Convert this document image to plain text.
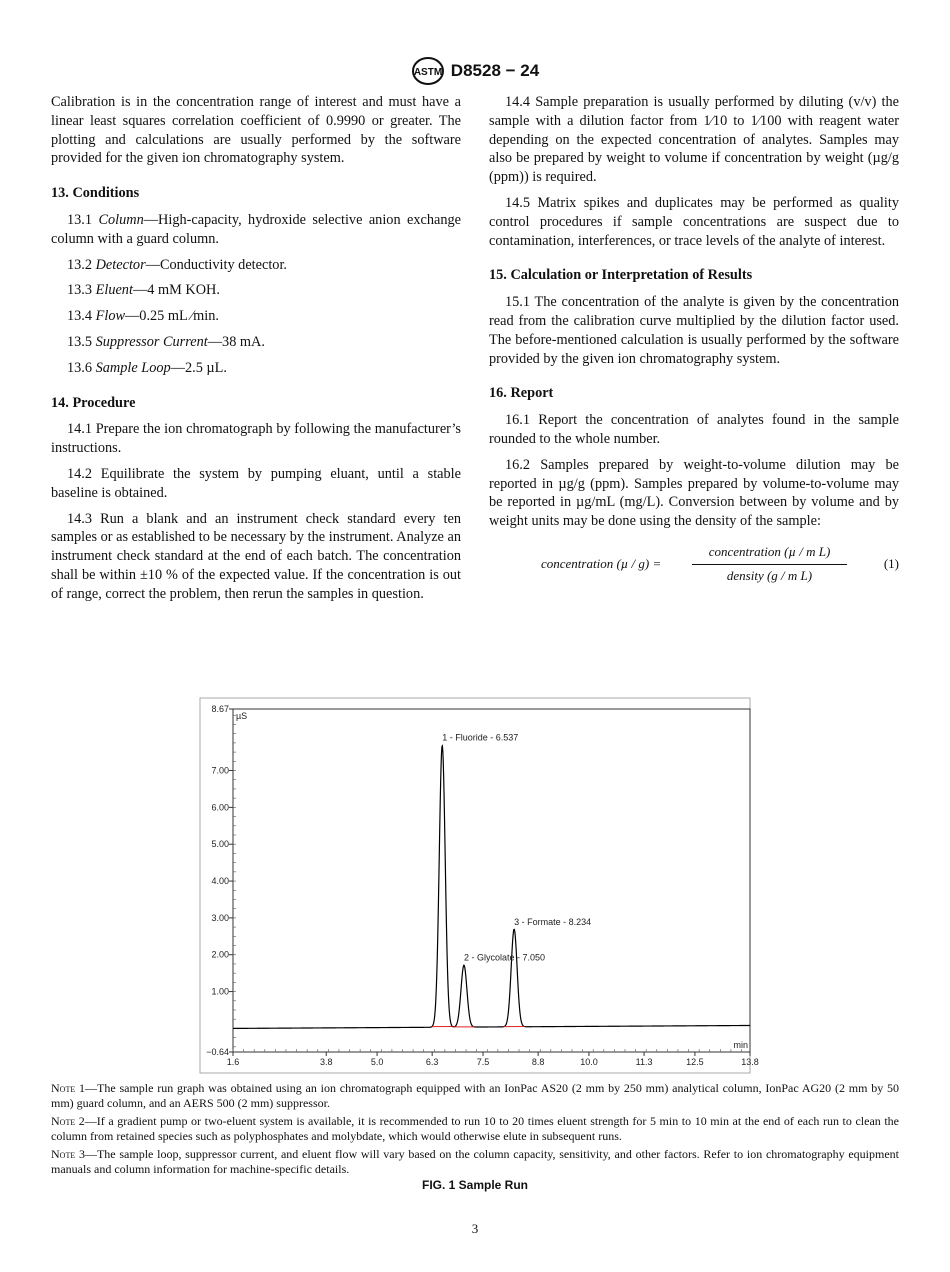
ASTM D8528 − 24

Calibration is in the concentration range of interest and must have a linear least squares correlation coefficient of 0.9990 or greater. The plotting and calculations are usually performed by the software provided for the given ion chromatography system.

13. Conditions

13.1 Column—High-capacity, hydroxide selective anion exchange column with a guard column.

13.2 Detector—Conductivity detector.

13.3 Eluent—4 mM KOH.

13.4 Flow—0.25 mL ⁄min.

13.5 Suppressor Current—38 mA.

13.6 Sample Loop—2.5 µL.

14. Procedure

14.1 Prepare the ion chromatograph by following the manufacturer’s instructions.

14.2 Equilibrate the system by pumping eluant, until a stable baseline is obtained.

14.3 Run a blank and an instrument check standard every ten samples or as established to be necessary by the instrument. Analyze an instrument check standard at the end of each batch. The concentration shall be within ±10 % of the expected value. If the concentration is out of range, correct the problem, then rerun the samples in question.

14.4 Sample preparation is usually performed by diluting (v/v) the sample with a dilution factor from 1⁄10 to 1⁄100 with reagent water depending on the expected concentration of analytes. Samples may also be prepared by weight to volume if concentration by weight (µg/g (ppm)) is required.

14.5 Matrix spikes and duplicates may be performed as quality control procedures if sample concentrations are suspect due to contamination, interferences, or trace levels of the analyte of interest.

15. Calculation or Interpretation of Results

15.1 The concentration of the analyte is given by the concentration read from the calibration curve multiplied by the dilution factor used. The before-mentioned calculation is usually performed by the software provided by the given ion chromatography system.

16. Report

16.1 Report the concentration of analytes found in the sample rounded to the whole number.

16.2 Samples prepared by weight-to-volume dilution may be reported in µg/g (ppm). Samples prepared by volume-to-volume may be reported in µg/mL (mg/L). Conversion between by volume and by weight units may be done using the density of the sample:

concentration (µ / g) =
concentration (µ / m L)
density (g / m L)
(1)
8.67
7.00
6.00
5.00
4.00
3.00
2.00
1.00
−0.64
1.6	3.8	5.0	6.3	7.5	8.8	10.0	11.3	12.5	13.8
µS
min
1 - Fluoride - 6.537
2 - Glycolate - 7.050
3 - Formate - 8.234

Note 1—The sample run graph was obtained using an ion chromatograph equipped with an IonPac AS20 (2 mm by 250 mm) analytical column, IonPac AG20 (2 mm by 50 mm) guard column, and an AERS 500 (2 mm) suppressor.

Note 2—If a gradient pump or two-eluent system is available, it is recommended to run 10 to 20 times eluent strength for 5 min to 10 min at the end of each run to clean the column from retained species such as polyphosphates and molybdate, which would otherwise elute in subsequent runs.

Note 3—The sample loop, suppressor current, and eluent flow will vary based on the column capacity, sensitivity, and other factors. Refer to ion chromatography equipment manuals and column information for machine-specific details.

FIG. 1 Sample Run
3
